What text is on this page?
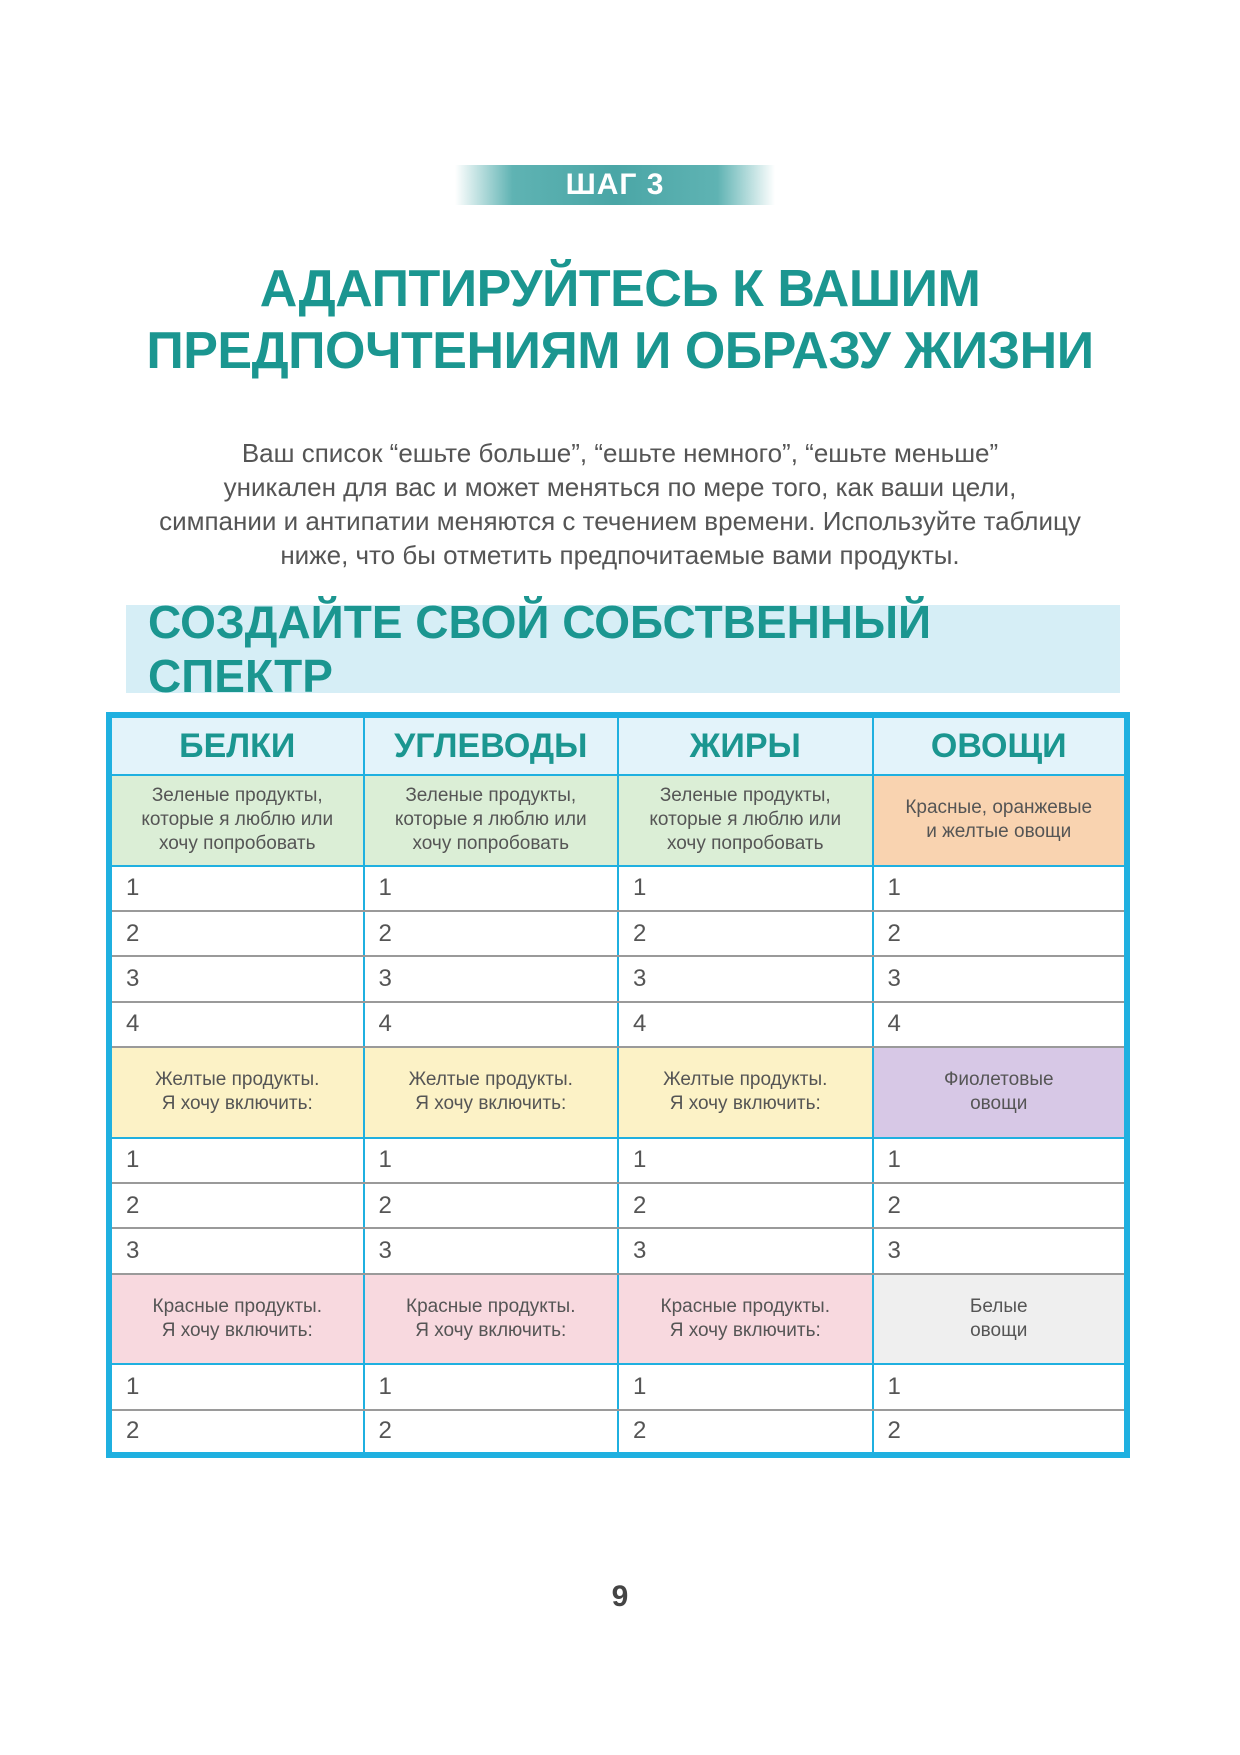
ШАГ 3
АДАПТИРУЙТЕСЬ К ВАШИМ
ПРЕДПОЧТЕНИЯМ И ОБРАЗУ ЖИЗНИ
Ваш список “ешьте больше”, “ешьте немного”, “ешьте меньше”
уникален для вас и может меняться по мере того, как ваши цели,
симпании и антипатии меняются с течением времени. Используйте таблицу
ниже, что бы отметить предпочитаемые вами продукты.
СОЗДАЙТЕ СВОЙ СОБСТВЕННЫЙ СПЕКТР
БЕЛКИ	УГЛЕВОДЫ	ЖИРЫ	ОВОЩИ

Зеленые продукты,
которые я люблю или
хочу попробовать	Зеленые продукты,
которые я люблю или
хочу попробовать	Зеленые продукты,
которые я люблю или
хочу попробовать	Красные, оранжевые
и желтые овощи

1	1	1	1
2	2	2	2
3	3	3	3
4	4	4	4

Желтые продукты.
Я хочу включить:	Желтые продукты.
Я хочу включить:	Желтые продукты.
Я хочу включить:	Фиолетовые
овощи

1	1	1	1
2	2	2	2
3	3	3	3

Красные продукты.
Я хочу включить:	Красные продукты.
Я хочу включить:	Красные продукты.
Я хочу включить:	Белые
овощи

1	1	1	1
2	2	2	2
9
